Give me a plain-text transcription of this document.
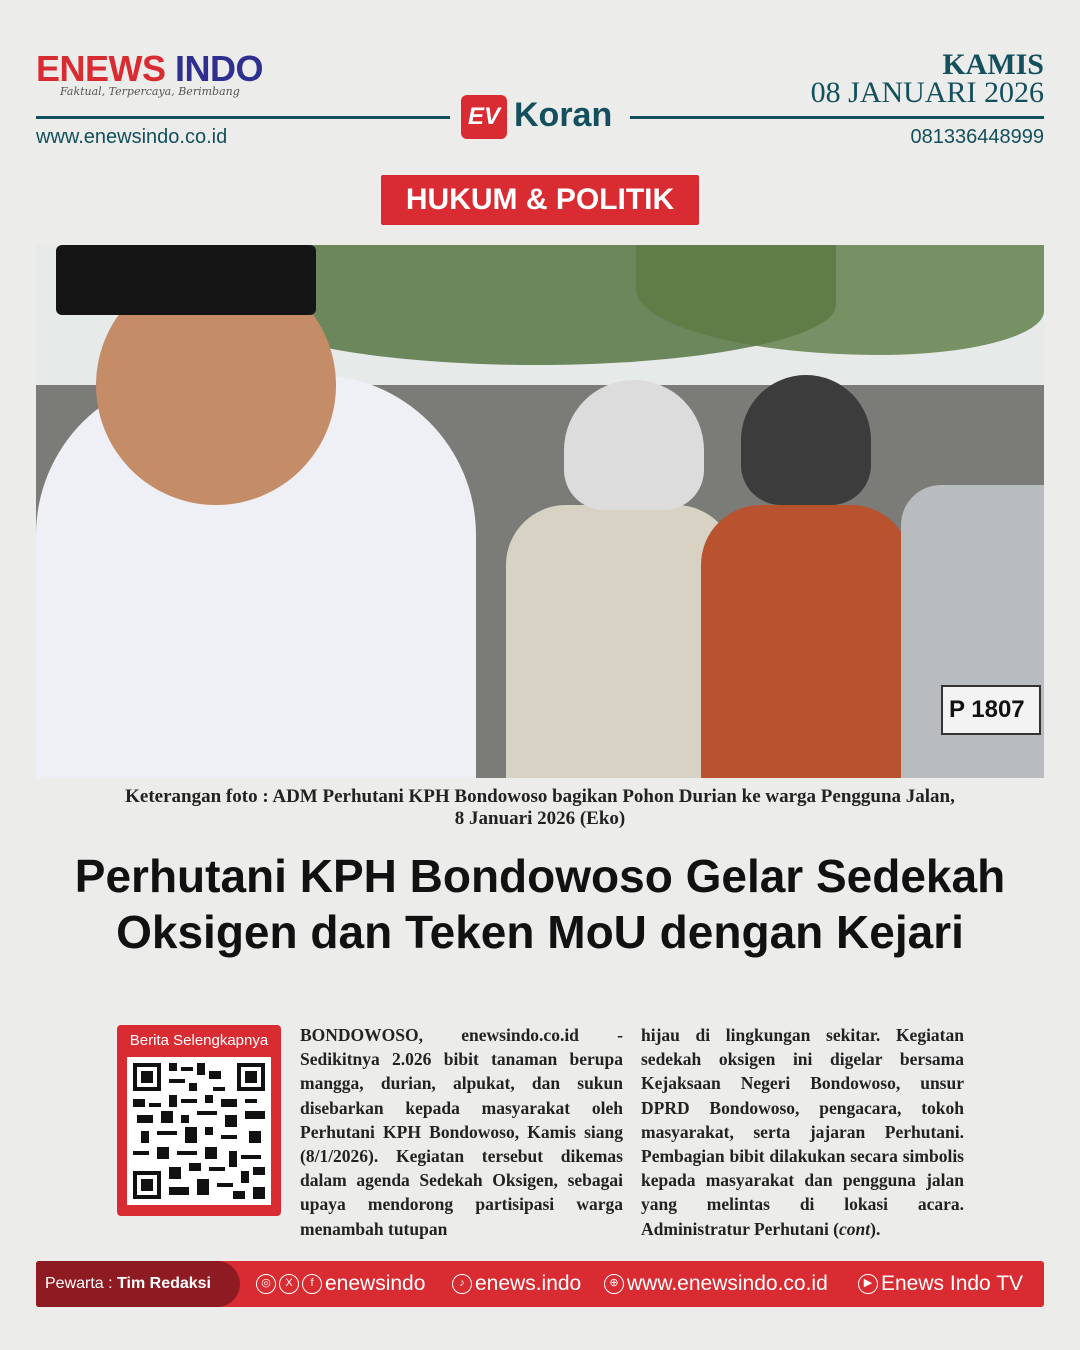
ENEWS INDO
Faktual, Terpercaya, Berimbang
KAMIS
08 JANUARI 2026
EV Koran
www.enewsindo.co.id	081336448999
HUKUM & POLITIK
P 1807
Keterangan foto : ADM Perhutani KPH Bondowoso bagikan Pohon Durian ke warga Pengguna Jalan,
8 Januari 2026 (Eko)
Perhutani KPH Bondowoso Gelar Sedekah Oksigen dan Teken MoU dengan Kejari
Berita Selengkapnya	BONDOWOSO, enewsindo.co.id - Sedikitnya 2.026 bibit tanaman berupa mangga, durian, alpukat, dan sukun disebarkan kepada masyarakat oleh Perhutani KPH Bondowoso, Kamis siang (8/1/2026). Kegiatan tersebut dikemas dalam agenda Sedekah Oksigen, sebagai upaya mendorong partisipasi warga menambah tutupan
hijau di lingkungan sekitar. Kegiatan sedekah oksigen ini digelar bersama Kejaksaan Negeri Bondowoso, unsur DPRD Bondowoso, pengacara, tokoh masyarakat, serta jajaran Perhutani. Pembagian bibit dilakukan secara simbolis kepada masyarakat dan pengguna jalan yang melintas di lokasi acara. Administratur Perhutani (cont).
Pewarta : Tim Redaksi	◎	X	f enewsindo	♪ enews.indo	⊕ www.enewsindo.co.id	▶ Enews Indo TV
